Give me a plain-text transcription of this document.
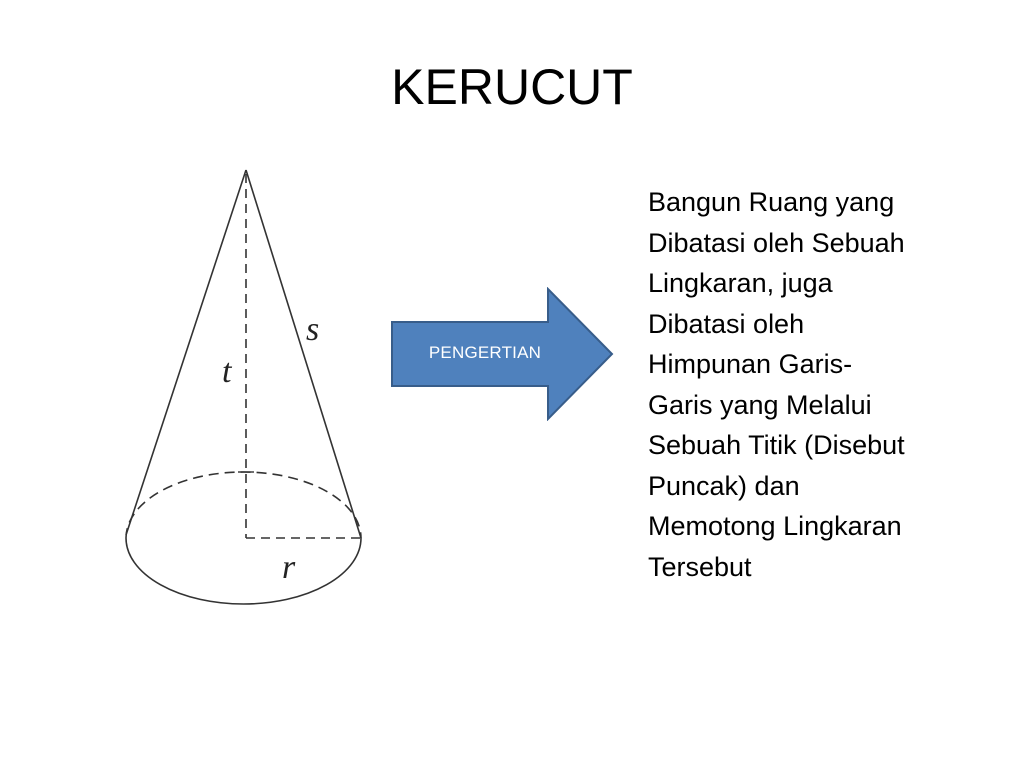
KERUCUT
t
s
r
PENGERTIAN
Bangun Ruang yang
Dibatasi oleh Sebuah
Lingkaran, juga
Dibatasi oleh
Himpunan Garis-
Garis yang Melalui
Sebuah Titik (Disebut
Puncak) dan
Memotong Lingkaran
Tersebut
